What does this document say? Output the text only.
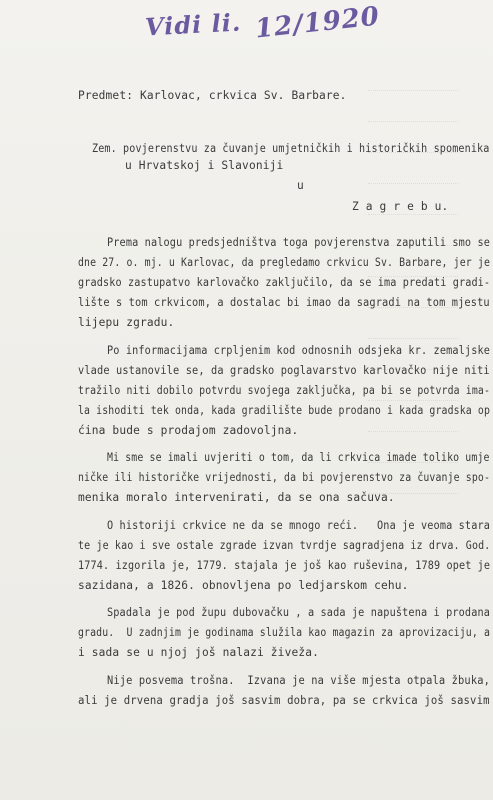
Vidi li. 12/1920
Predmet: Karlovac, crkvica Sv. Barbare.
Zem. povjerenstvu za čuvanje umjetničkih i historičkih spomenika
u Hrvatskoj i Slavoniji
u
Z a g r e b u.
Prema nalogu predsjedništva toga povjerenstva zaputili smo se
dne 27. o. mj. u Karlovac, da pregledamo crkvicu Sv. Barbare, jer je
gradsko zastupatvo karlovačko zaključilo, da se ima predati gradi-
lište s tom crkvicom, a dostalac bi imao da sagradi na tom mjestu
lijepu zgradu.
Po informacijama crpljenim kod odnosnih odsjeka kr. zemaljske
vlade ustanovile se, da gradsko poglavarstvo karlovačko nije niti
tražilo niti dobilo potvrdu svojega zaključka, pa bi se potvrda ima-
la ishoditi tek onda, kada gradilište bude prodano i kada gradska op
ćina bude s prodajom zadovoljna.
Mi sme se imali uvjeriti o tom, da li crkvica imade toliko umje
ničke ili historičke vrijednosti, da bi povjerenstvo za čuvanje spo-
menika moralo intervenirati, da se ona sačuva.
O historiji crkvice ne da se mnogo reći.   Ona je veoma stara
te je kao i sve ostale zgrade izvan tvrdje sagradjena iz drva. God.
1774. izgorila je, 1779. stajala je još kao ruševina, 1789 opet je
sazidana, a 1826. obnovljena po ledjarskom cehu.
Spadala je pod župu dubovačku , a sada je napuštena i prodana
gradu.  U zadnjim je godinama služila kao magazin za aprovizaciju, a
i sada se u njoj još nalazi živeža.
Nije posvema trošna.  Izvana je na više mjesta otpala žbuka,
ali je drvena gradja još sasvim dobra, pa se crkvica još sasvim
